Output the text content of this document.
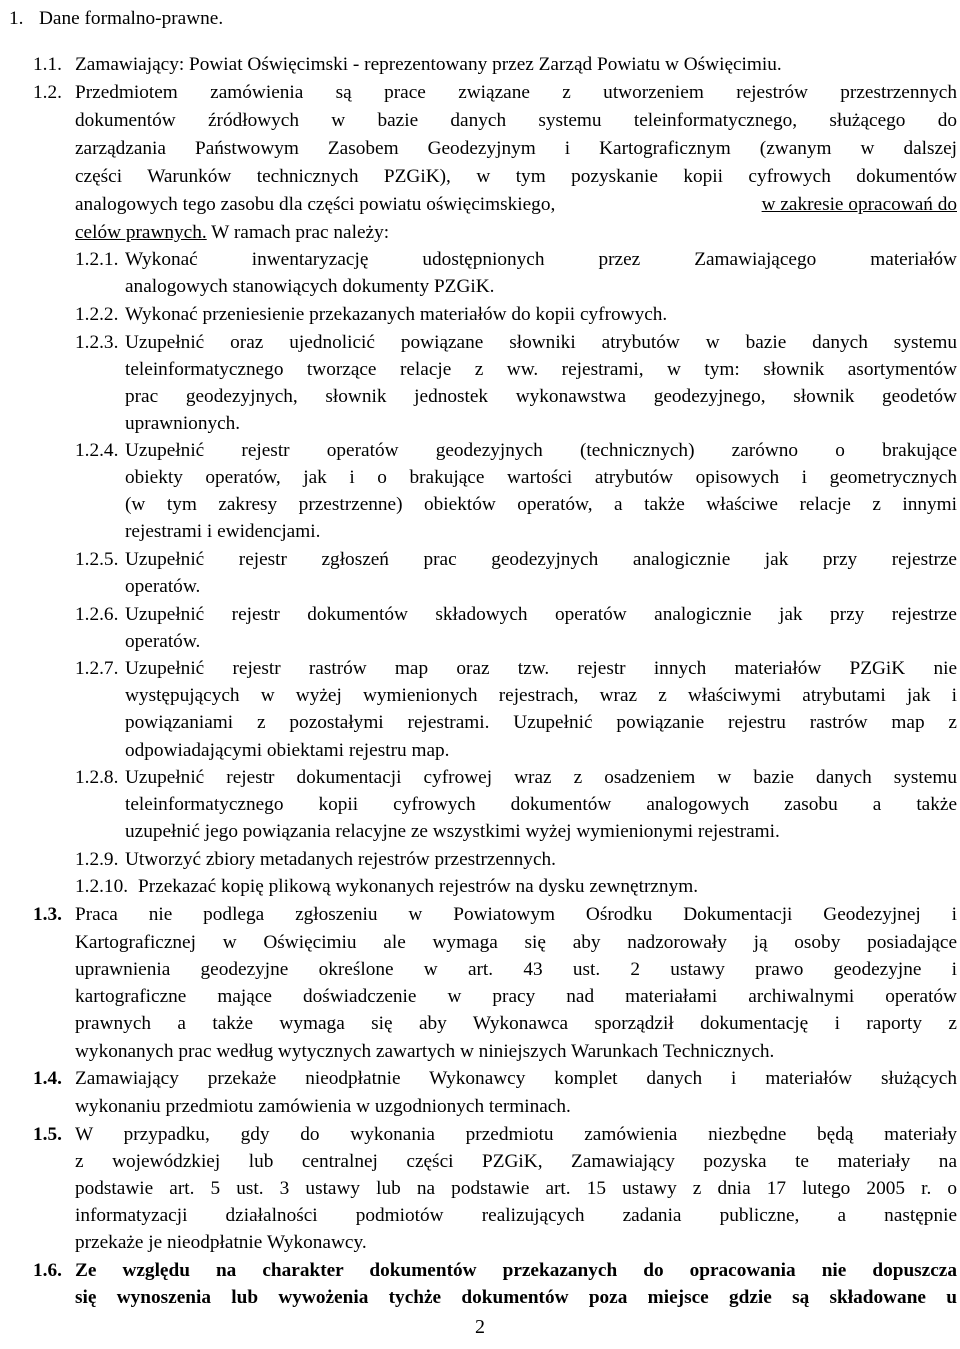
1. Dane formalno-prawne.
1.1. Zamawiający: Powiat Oświęcimski - reprezentowany przez Zarząd Powiatu w Oświęcimiu.
1.2. Przedmiotem zamówienia są prace związane z utworzeniem rejestrów przestrzennych
dokumentów źródłowych w bazie danych systemu teleinformatycznego, służącego do
zarządzania Państwowym Zasobem Geodezyjnym i Kartograficznym (zwanym w dalszej
części Warunków technicznych PZGiK), w tym pozyskanie kopii cyfrowych dokumentów
analogowych tego zasobu dla części powiatu oświęcimskiego,	w zakresie opracowań do
celów prawnych. W ramach prac należy:
1.2.1. Wykonać inwentaryzację udostępnionych przez Zamawiającego materiałów
analogowych stanowiących dokumenty PZGiK.
1.2.2. Wykonać przeniesienie przekazanych materiałów do kopii cyfrowych.
1.2.3. Uzupełnić oraz ujednolicić powiązane słowniki atrybutów w bazie danych systemu
teleinformatycznego tworzące relacje z ww. rejestrami, w tym: słownik asortymentów
prac geodezyjnych, słownik jednostek wykonawstwa geodezyjnego, słownik geodetów
uprawnionych.
1.2.4. Uzupełnić rejestr operatów geodezyjnych (technicznych) zarówno o brakujące
obiekty operatów, jak i o brakujące wartości atrybutów opisowych i geometrycznych
(w tym zakresy przestrzenne) obiektów operatów, a także właściwe relacje z innymi
rejestrami i ewidencjami.
1.2.5. Uzupełnić rejestr zgłoszeń prac geodezyjnych analogicznie jak przy rejestrze
operatów.
1.2.6. Uzupełnić rejestr dokumentów składowych operatów analogicznie jak przy rejestrze
operatów.
1.2.7. Uzupełnić rejestr rastrów map oraz tzw. rejestr innych materiałów PZGiK nie
występujących w wyżej wymienionych rejestrach, wraz z właściwymi atrybutami jak i
powiązaniami z pozostałymi rejestrami. Uzupełnić powiązanie rejestru rastrów map z
odpowiadającymi obiektami rejestru map.
1.2.8. Uzupełnić rejestr dokumentacji cyfrowej wraz z osadzeniem w bazie danych systemu
teleinformatycznego kopii cyfrowych dokumentów analogowych zasobu a także
uzupełnić jego powiązania relacyjne ze wszystkimi wyżej wymienionymi rejestrami.
1.2.9. Utworzyć zbiory metadanych rejestrów przestrzennych.
1.2.10. Przekazać kopię plikową wykonanych rejestrów na dysku zewnętrznym.
1.3. Praca nie podlega zgłoszeniu w Powiatowym Ośrodku Dokumentacji Geodezyjnej i
Kartograficznej w Oświęcimiu ale wymaga się aby nadzorowały ją osoby posiadające
uprawnienia geodezyjne określone w art. 43 ust. 2 ustawy prawo geodezyjne i
kartograficzne mające doświadczenie w pracy nad materiałami archiwalnymi operatów
prawnych a także wymaga się aby Wykonawca sporządził dokumentację i raporty z
wykonanych prac według wytycznych zawartych w niniejszych Warunkach Technicznych.
1.4. Zamawiający przekaże nieodpłatnie Wykonawcy komplet danych i materiałów służących
wykonaniu przedmiotu zamówienia w uzgodnionych terminach.
1.5. W przypadku, gdy do wykonania przedmiotu zamówienia niezbędne będą materiały
z wojewódzkiej lub centralnej części PZGiK, Zamawiający pozyska te materiały na
podstawie art. 5 ust. 3 ustawy lub na podstawie art. 15 ustawy z dnia 17 lutego 2005 r. o
informatyzacji działalności podmiotów realizujących zadania publiczne, a następnie
przekaże je nieodpłatnie Wykonawcy.
1.6. Ze względu na charakter dokumentów przekazanych do opracowania nie dopuszcza
się wynoszenia lub wywożenia tychże dokumentów poza miejsce gdzie są składowane u
2
